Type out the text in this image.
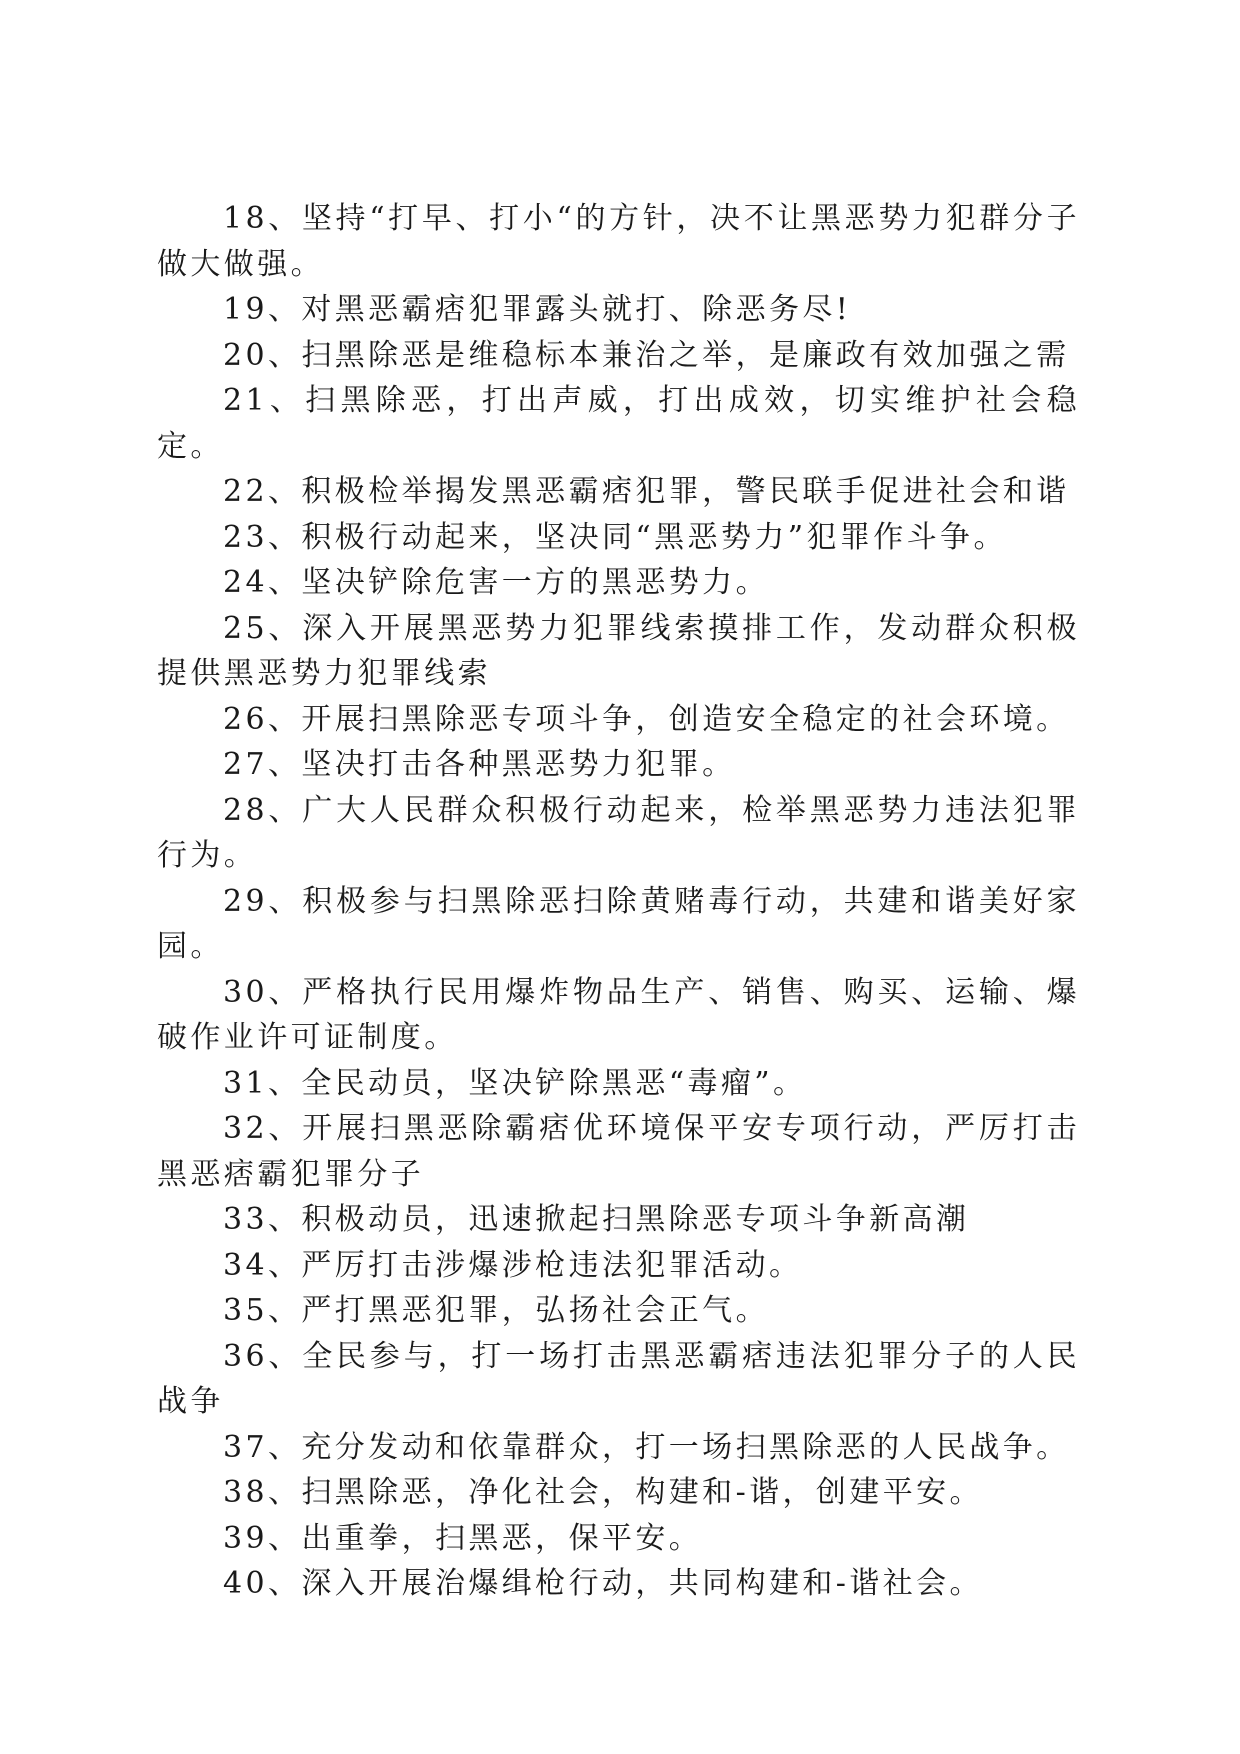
18、坚持“打早、打小“的方针，决不让黑恶势力犯群分子做大做强。

19、对黑恶霸痞犯罪露头就打、除恶务尽!

20、扫黑除恶是维稳标本兼治之举，是廉政有效加强之需

21、扫黑除恶，打出声威，打出成效，切实维护社会稳定。

22、积极检举揭发黑恶霸痞犯罪，警民联手促进社会和谐

23、积极行动起来，坚决同“黑恶势力”犯罪作斗争。

24、坚决铲除危害一方的黑恶势力。

25、深入开展黑恶势力犯罪线索摸排工作，发动群众积极提供黑恶势力犯罪线索

26、开展扫黑除恶专项斗争，创造安全稳定的社会环境。

27、坚决打击各种黑恶势力犯罪。

28、广大人民群众积极行动起来，检举黑恶势力违法犯罪行为。

29、积极参与扫黑除恶扫除黄赌毒行动，共建和谐美好家园。

30、严格执行民用爆炸物品生产、销售、购买、运输、爆破作业许可证制度。

31、全民动员，坚决铲除黑恶“毒瘤”。

32、开展扫黑恶除霸痞优环境保平安专项行动，严厉打击黑恶痞霸犯罪分子

33、积极动员，迅速掀起扫黑除恶专项斗争新高潮

34、严厉打击涉爆涉枪违法犯罪活动。

35、严打黑恶犯罪，弘扬社会正气。

36、全民参与，打一场打击黑恶霸痞违法犯罪分子的人民战争

37、充分发动和依靠群众，打一场扫黑除恶的人民战争。

38、扫黑除恶，净化社会，构建和-谐，创建平安。

39、出重拳，扫黑恶，保平安。

40、深入开展治爆缉枪行动，共同构建和-谐社会。
